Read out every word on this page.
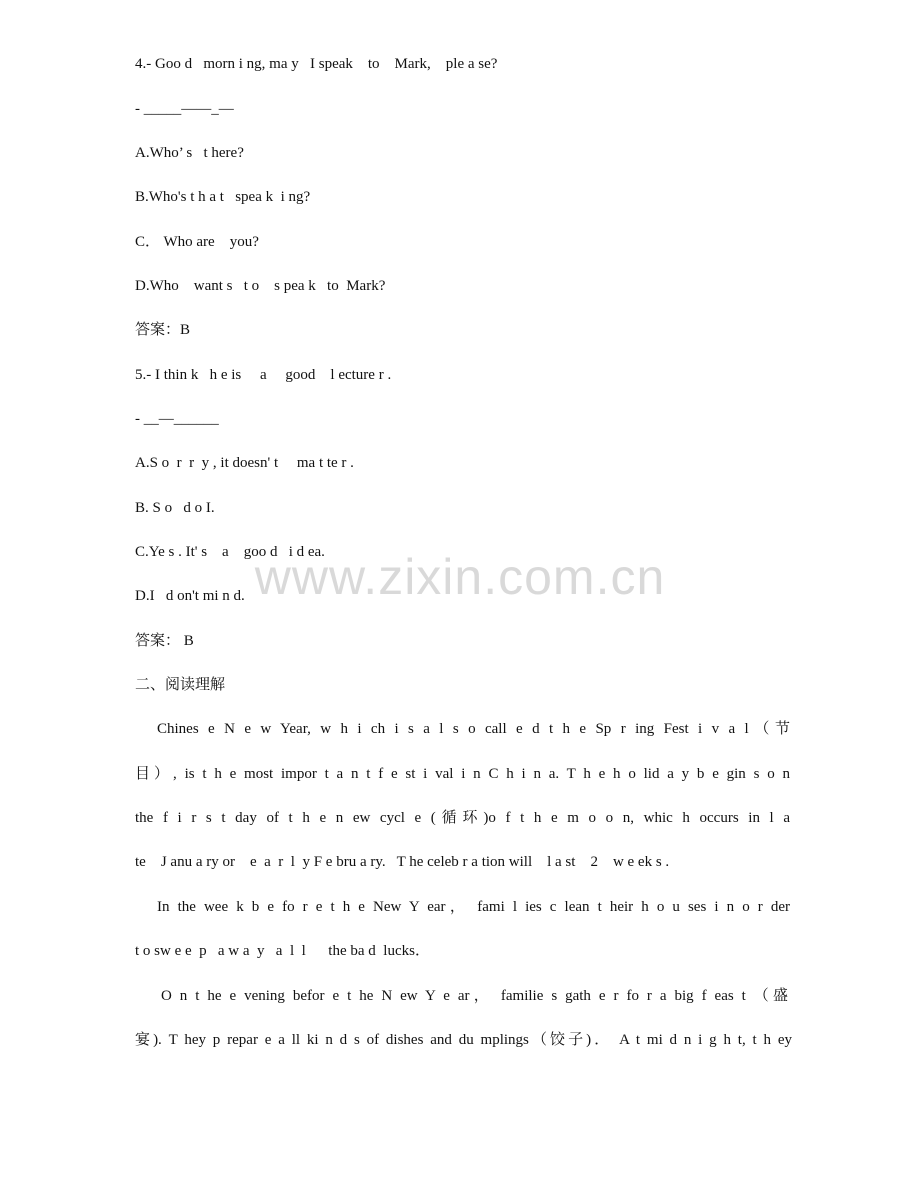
4.- Goo d   morn i ng, ma y   I speak    to    Mark,    ple a se?
- _____——_—
A.Who’ s   t here?
B.Who's t h a t   spea k  i ng?
C． Who are    you?
D.Who    want s   t o    s pea k   to  Mark?
答案：B
5.- I thin k   h e is     a     good    l ecture r .
- __—______
A.S o  r  r  y , it doesn' t     ma t te r .
B. S o   d o I.
C.Ye s . It' s    a    goo d   i d ea.
D.I   d on't mi n d.
答案： B
二、阅读理解
Chines e N e w Year, w h i ch i s a l s o call e d t h e Sp r ing Fest i v a l（节
目）, is t h e most impor t a n t f e st i val i n C h i n a. T h e h o lid a y b e gin s o n
the f i r s t day of t h e n ew cycl e (循环)o f t h e m o o n, whic h occurs in l a
te    J anu a ry or    e  a  r  l  y F e bru a ry.   T he celeb r a tion will    l a st    2    w e ek s .
In the wee k b e fo r e t h e New Y ear， fami l ies c lean t heir h o u ses i n o r der
t o sw e e  p   a w a  y   a  l  l      the ba d  lucks．
O n t he e vening befor e t he N ew Y e ar， familie s gath e r fo r a big f eas t （盛
宴). T hey p repar e a ll ki n d s of dishes and du mplings（饺子)． A t mi d n i g h t, t h ey
www.zixin.com.cn
